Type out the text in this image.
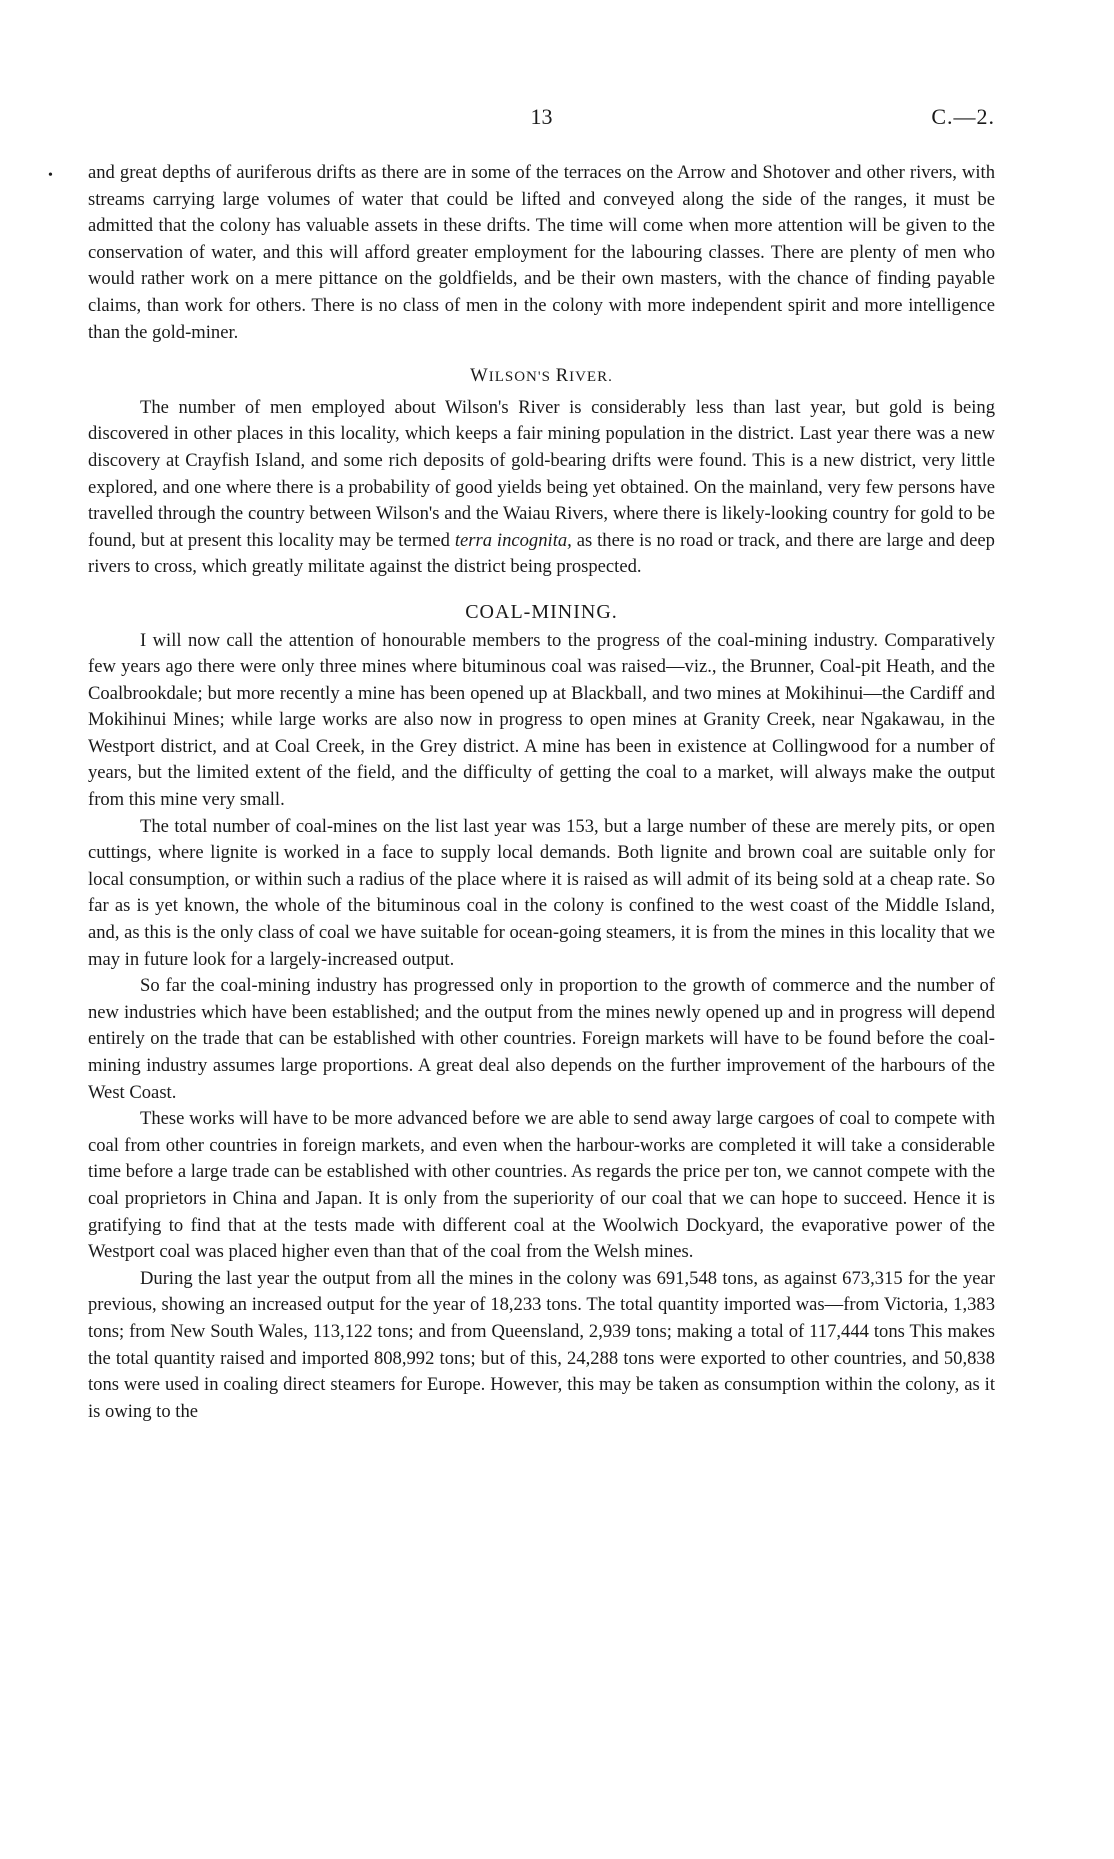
13	C.—2.
• and great depths of auriferous drifts as there are in some of the terraces on the Arrow and Shotover and other rivers, with streams carrying large volumes of water that could be lifted and conveyed along the side of the ranges, it must be admitted that the colony has valuable assets in these drifts. The time will come when more attention will be given to the conservation of water, and this will afford greater employment for the labouring classes. There are plenty of men who would rather work on a mere pittance on the goldfields, and be their own masters, with the chance of finding payable claims, than work for others. There is no class of men in the colony with more independent spirit and more intelligence than the gold-miner.

WILSON'S RIVER.

The number of men employed about Wilson's River is considerably less than last year, but gold is being discovered in other places in this locality, which keeps a fair mining population in the district. Last year there was a new discovery at Crayfish Island, and some rich deposits of gold-bearing drifts were found. This is a new district, very little explored, and one where there is a probability of good yields being yet obtained. On the mainland, very few persons have travelled through the country between Wilson's and the Waiau Rivers, where there is likely-looking country for gold to be found, but at present this locality may be termed terra incognita, as there is no road or track, and there are large and deep rivers to cross, which greatly militate against the district being prospected.

COAL-MINING.

I will now call the attention of honourable members to the progress of the coal-mining industry. Comparatively few years ago there were only three mines where bituminous coal was raised—viz., the Brunner, Coal-pit Heath, and the Coalbrookdale; but more recently a mine has been opened up at Blackball, and two mines at Mokihinui—the Cardiff and Mokihinui Mines; while large works are also now in progress to open mines at Granity Creek, near Ngakawau, in the Westport district, and at Coal Creek, in the Grey district. A mine has been in existence at Collingwood for a number of years, but the limited extent of the field, and the difficulty of getting the coal to a market, will always make the output from this mine very small.

The total number of coal-mines on the list last year was 153, but a large number of these are merely pits, or open cuttings, where lignite is worked in a face to supply local demands. Both lignite and brown coal are suitable only for local consumption, or within such a radius of the place where it is raised as will admit of its being sold at a cheap rate. So far as is yet known, the whole of the bituminous coal in the colony is confined to the west coast of the Middle Island, and, as this is the only class of coal we have suitable for ocean-going steamers, it is from the mines in this locality that we may in future look for a largely-increased output.

So far the coal-mining industry has progressed only in proportion to the growth of commerce and the number of new industries which have been established; and the output from the mines newly opened up and in progress will depend entirely on the trade that can be established with other countries. Foreign markets will have to be found before the coal-mining industry assumes large proportions. A great deal also depends on the further improvement of the harbours of the West Coast.

These works will have to be more advanced before we are able to send away large cargoes of coal to compete with coal from other countries in foreign markets, and even when the harbour-works are completed it will take a considerable time before a large trade can be established with other countries. As regards the price per ton, we cannot compete with the coal proprietors in China and Japan. It is only from the superiority of our coal that we can hope to succeed. Hence it is gratifying to find that at the tests made with different coal at the Woolwich Dockyard, the evaporative power of the Westport coal was placed higher even than that of the coal from the Welsh mines.

During the last year the output from all the mines in the colony was 691,548 tons, as against 673,315 for the year previous, showing an increased output for the year of 18,233 tons. The total quantity imported was—from Victoria, 1,383 tons; from New South Wales, 113,122 tons; and from Queensland, 2,939 tons; making a total of 117,444 tons This makes the total quantity raised and imported 808,992 tons; but of this, 24,288 tons were exported to other countries, and 50,838 tons were used in coaling direct steamers for Europe. However, this may be taken as consumption within the colony, as it is owing to the
